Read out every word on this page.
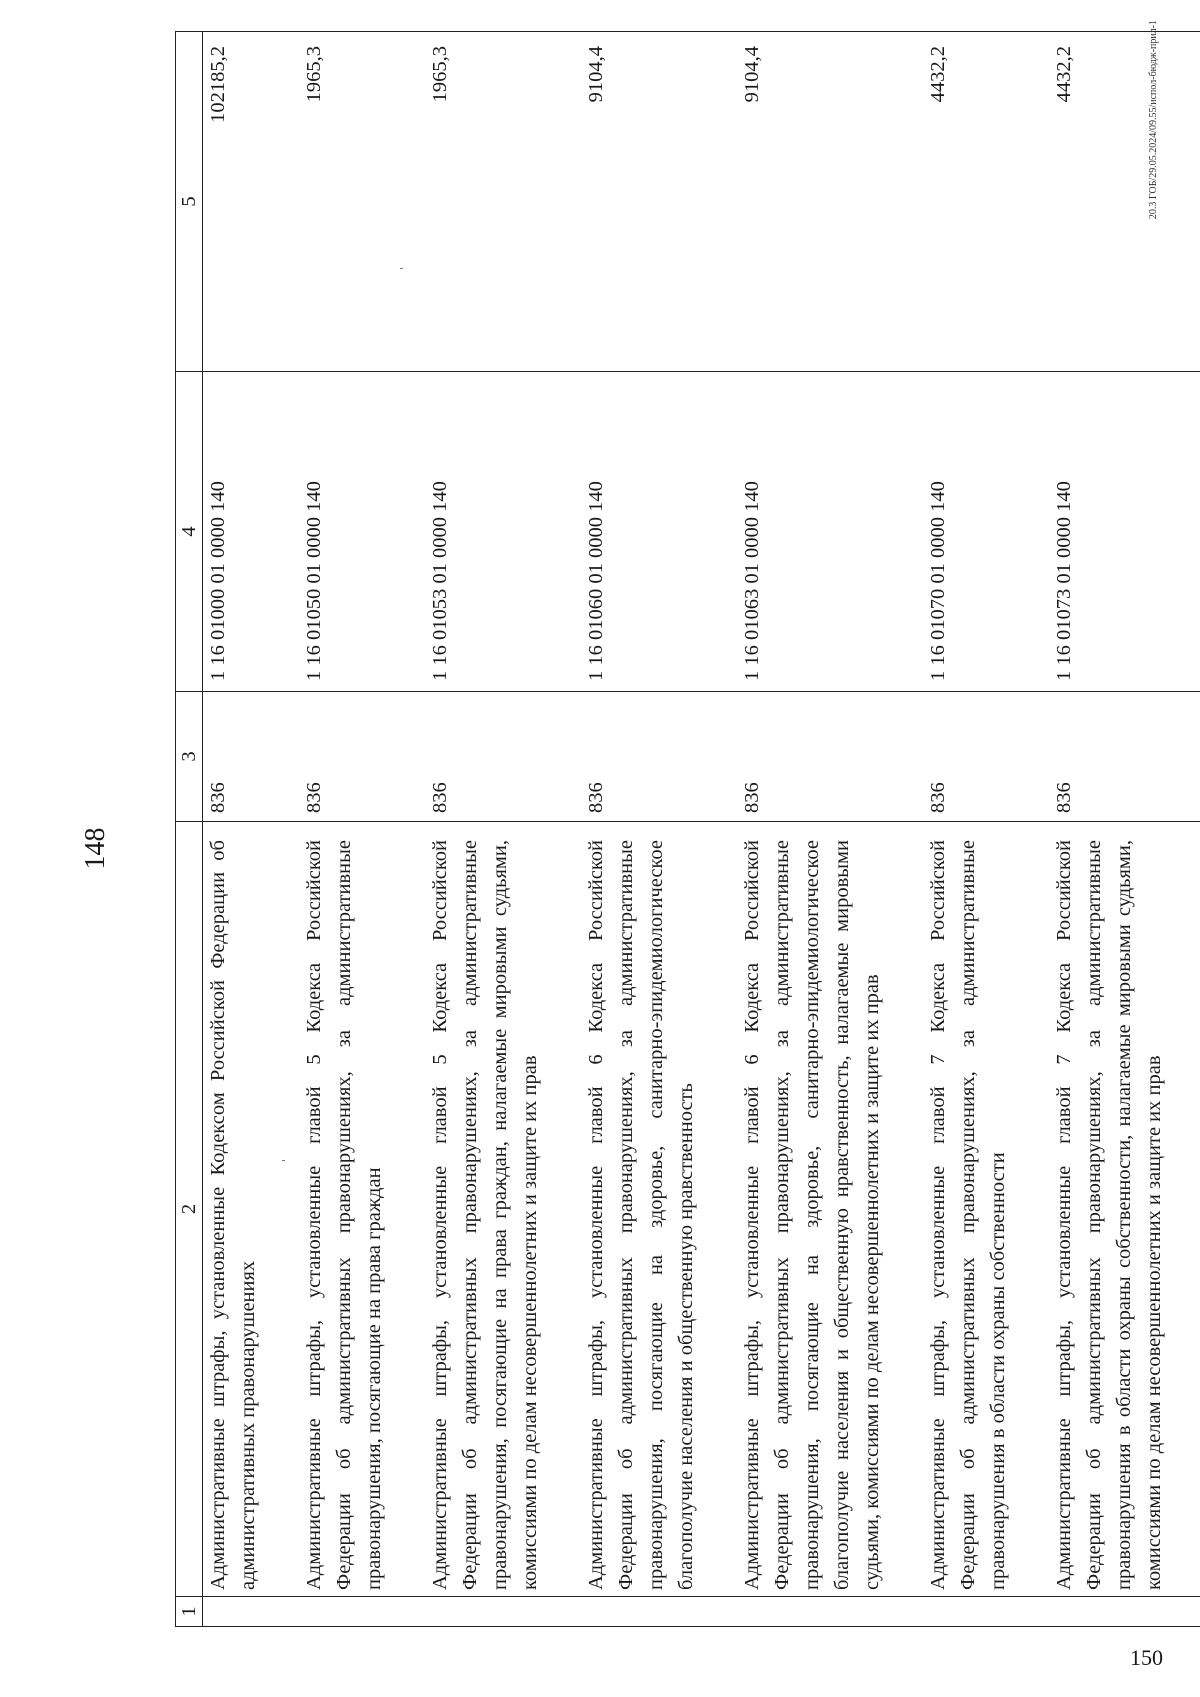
148
1	2	3	4	5
	Административные штрафы, установленные Кодексом Российской Федерации об административных правонарушениях	836	1 16 01000 01 0000 140	102185,2
	Административные штрафы, установленные главой 5 Кодекса Российской Федерации об административных правонарушениях, за административные правонарушения, посягающие на права граждан	836	1 16 01050 01 0000 140	1965,3
	Административные штрафы, установленные главой 5 Кодекса Российской Федерации об административных правонарушениях, за административные правонарушения, посягающие на права граждан, налагаемые мировыми судьями, комиссиями по делам несовершеннолетних и защите их прав	836	1 16 01053 01 0000 140	1965,3
	Административные штрафы, установленные главой 6 Кодекса Российской Федерации об административных правонарушениях, за административные правонарушения, посягающие на здоровье, санитарно-эпидемиологическое благополучие населения и общественную нравственность	836	1 16 01060 01 0000 140	9104,4
	Административные штрафы, установленные главой 6 Кодекса Российской Федерации об административных правонарушениях, за административные правонарушения, посягающие на здоровье, санитарно-эпидемиологическое благополучие населения и общественную нравственность, налагаемые мировыми судьями, комиссиями по делам несовершеннолетних и защите их прав	836	1 16 01063 01 0000 140	9104,4
	Административные штрафы, установленные главой 7 Кодекса Российской Федерации об административных правонарушениях, за административные правонарушения в области охраны собственности	836	1 16 01070 01 0000 140	4432,2
	Административные штрафы, установленные главой 7 Кодекса Российской Федерации об административных правонарушениях, за административные правонарушения в области охраны собственности, налагаемые мировыми судьями, комиссиями по делам несовершеннолетних и защите их прав	836	1 16 01073 01 0000 140	4432,2	20.3 ГОБ/29.05.2024/09.55/испол-бюдж-прил-1
150
